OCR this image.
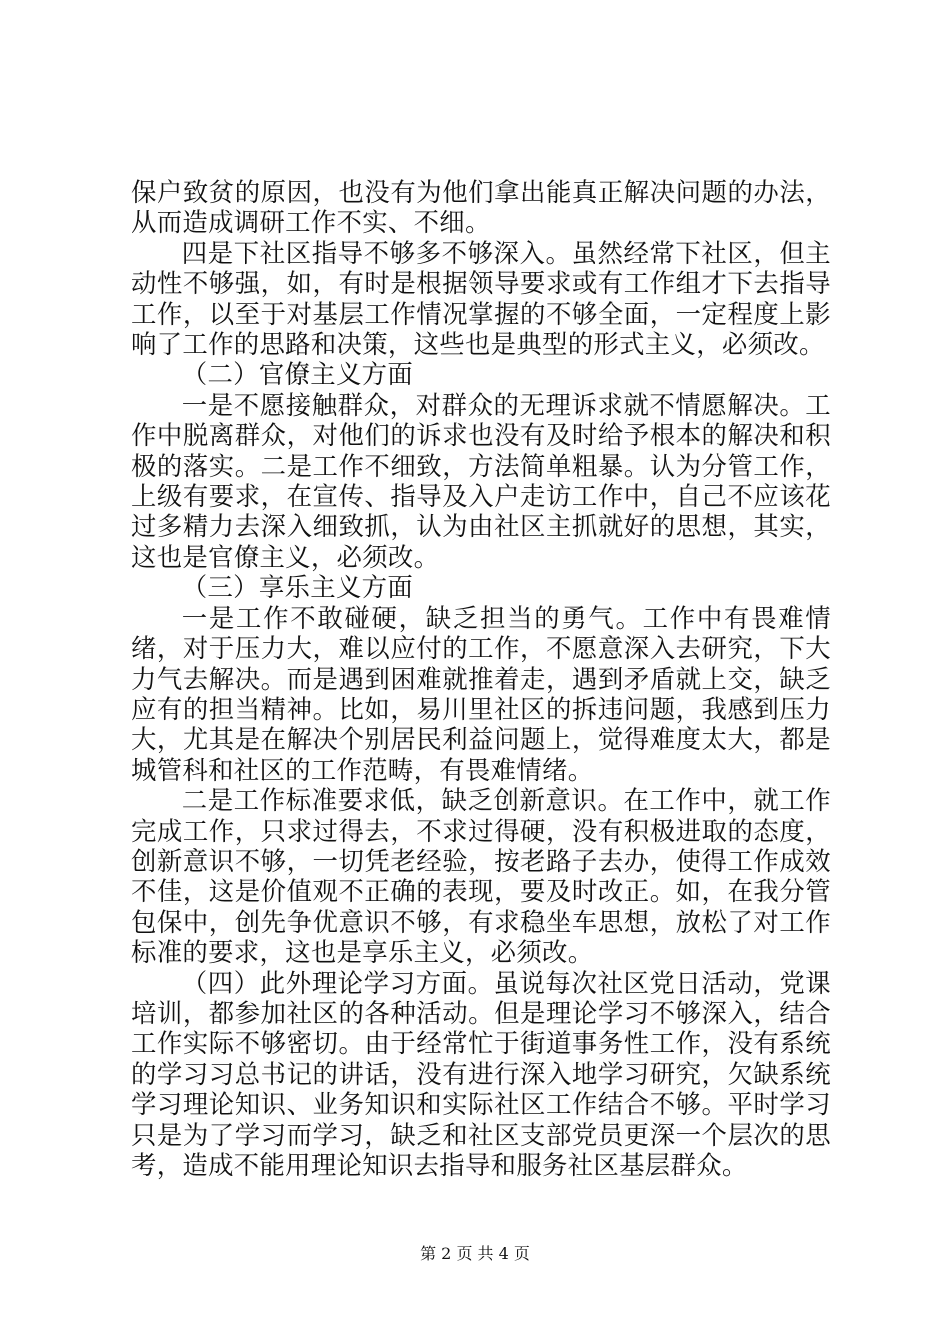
保户致贫的原因，也没有为他们拿出能真正解决问题的办法，从而造成调研工作不实、不细。

四是下社区指导不够多不够深入。虽然经常下社区，但主动性不够强，如，有时是根据领导要求或有工作组才下去指导工作，以至于对基层工作情况掌握的不够全面，一定程度上影响了工作的思路和决策，这些也是典型的形式主义，必须改。

（二）官僚主义方面

一是不愿接触群众，对群众的无理诉求就不情愿解决。工作中脱离群众，对他们的诉求也没有及时给予根本的解决和积极的落实。二是工作不细致，方法简单粗暴。认为分管工作，上级有要求，在宣传、指导及入户走访工作中，自己不应该花过多精力去深入细致抓，认为由社区主抓就好的思想，其实，这也是官僚主义，必须改。

（三）享乐主义方面

一是工作不敢碰硬，缺乏担当的勇气。工作中有畏难情绪，对于压力大，难以应付的工作，不愿意深入去研究，下大力气去解决。而是遇到困难就推着走，遇到矛盾就上交，缺乏应有的担当精神。比如，易川里社区的拆违问题，我感到压力大，尤其是在解决个别居民利益问题上，觉得难度太大，都是城管科和社区的工作范畴，有畏难情绪。

二是工作标准要求低，缺乏创新意识。在工作中，就工作完成工作，只求过得去，不求过得硬，没有积极进取的态度，创新意识不够，一切凭老经验，按老路子去办，使得工作成效不佳，这是价值观不正确的表现，要及时改正。如，在我分管包保中，创先争优意识不够，有求稳坐车思想，放松了对工作标准的要求，这也是享乐主义，必须改。

（四）此外理论学习方面。虽说每次社区党日活动，党课培训，都参加社区的各种活动。但是理论学习不够深入，结合工作实际不够密切。由于经常忙于街道事务性工作，没有系统的学习习总书记的讲话，没有进行深入地学习研究，欠缺系统学习理论知识、业务知识和实际社区工作结合不够。平时学习只是为了学习而学习，缺乏和社区支部党员更深一个层次的思考，造成不能用理论知识去指导和服务社区基层群众。

第 2 页 共 4 页
